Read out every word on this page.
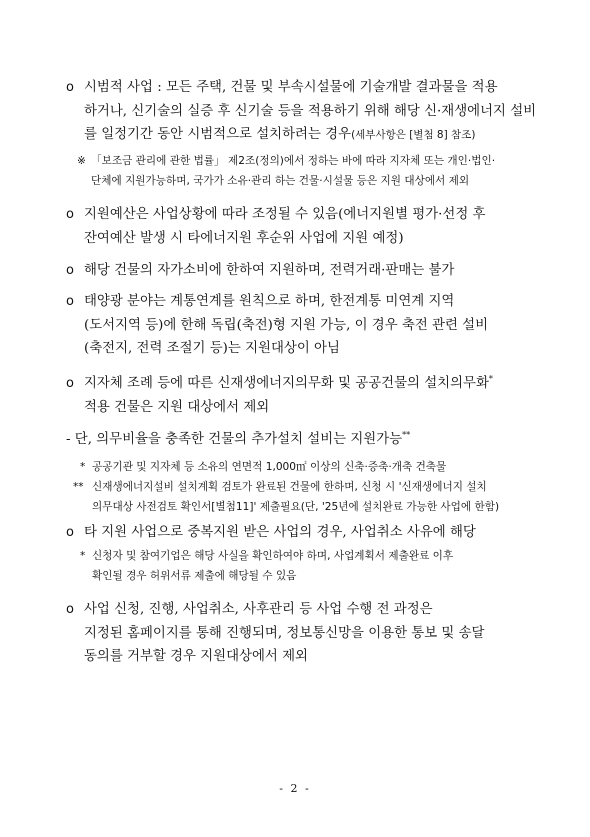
o 시범적 사업 : 모든 주택, 건물 및 부속시설물에 기술개발 결과물을 적용
하거나, 신기술의 실증 후 신기술 등을 적용하기 위해 해당 신·재생에너지 설비
를 일정기간 동안 시범적으로 설치하려는 경우(세부사항은 [별첨 8] 참조)
※ 「보조금 관리에 관한 법률」 제2조(정의)에서 정하는 바에 따라 지자체 또는 개인·법인·
단체에 지원가능하며, 국가가 소유·관리 하는 건물·시설물 등은 지원 대상에서 제외
o 지원예산은 사업상황에 따라 조정될 수 있음(에너지원별 평가·선정 후
잔여예산 발생 시 타에너지원 후순위 사업에 지원 예정)
o 해당 건물의 자가소비에 한하여 지원하며, 전력거래·판매는 불가
o 태양광 분야는 계통연계를 원칙으로 하며, 한전계통 미연계 지역
(도서지역 등)에 한해 독립(축전)형 지원 가능, 이 경우 축전 관련 설비
(축전지, 전력 조절기 등)는 지원대상이 아님
o 지자체 조례 등에 따른 신재생에너지의무화 및 공공건물의 설치의무화*
적용 건물은 지원 대상에서 제외
- 단, 의무비율을 충족한 건물의 추가설치 설비는 지원가능**
* 공공기관 및 지자체 등 소유의 연면적 1,000㎡ 이상의 신축·증축·개축 건축물
** 신재생에너지설비 설치계획 검토가 완료된 건물에 한하며, 신청 시 '신재생에너지 설치
의무대상 사전검토 확인서[별첨11]' 제출필요(단, '25년에 설치완료 가능한 사업에 한함)
o 타 지원 사업으로 중복지원 받은 사업의 경우, 사업취소 사유에 해당
* 신청자 및 참여기업은 해당 사실을 확인하여야 하며, 사업계획서 제출완료 이후
확인될 경우 허위서류 제출에 해당될 수 있음
o 사업 신청, 진행, 사업취소, 사후관리 등 사업 수행 전 과정은
지정된 홈페이지를 통해 진행되며, 정보통신망을 이용한 통보 및 송달
동의를 거부할 경우 지원대상에서 제외
- 2 -
